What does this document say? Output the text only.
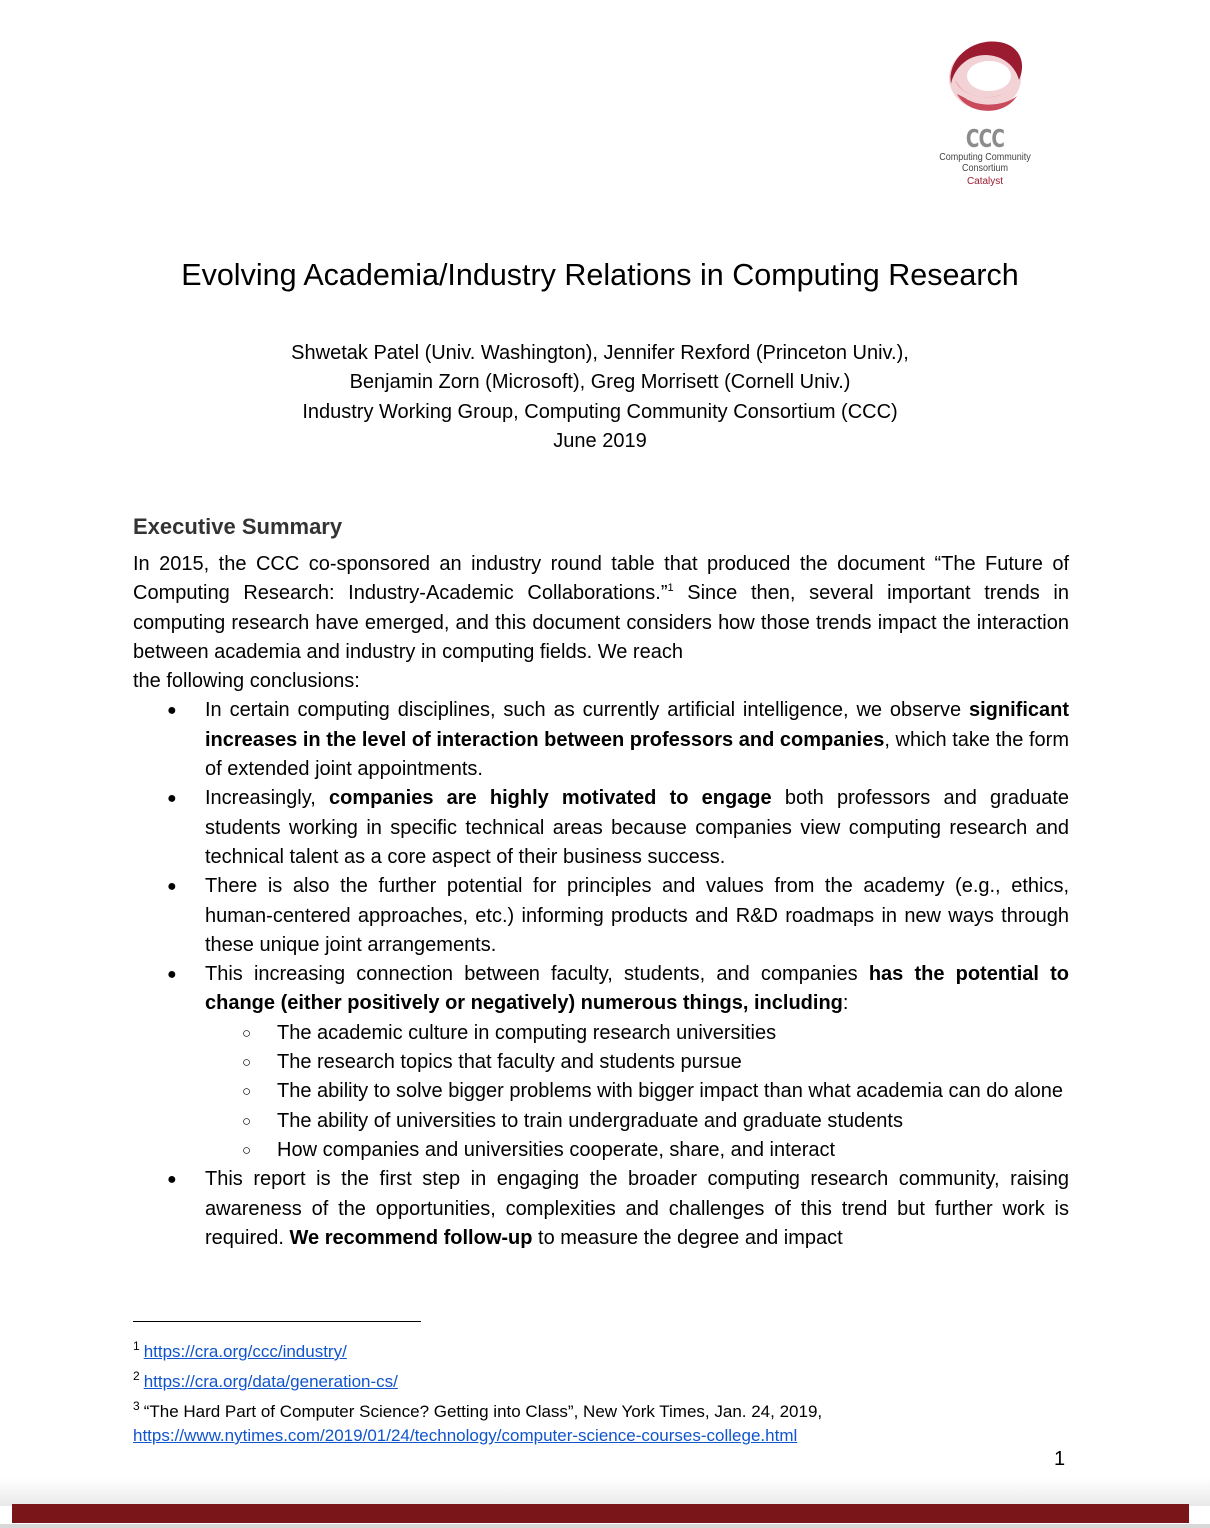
CCC
Computing Community
Consortium
Catalyst
Evolving Academia/Industry Relations in Computing Research
Shwetak Patel (Univ. Washington), Jennifer Rexford (Princeton Univ.),
Benjamin Zorn (Microsoft), Greg Morrisett (Cornell Univ.)
Industry Working Group, Computing Community Consortium (CCC)
June 2019
Executive Summary

In 2015, the CCC co-sponsored an industry round table that produced the document “The Future of Computing Research: Industry-Academic Collaborations.”$^1$ Since then, several important trends in computing research have emerged, and this document considers how those trends impact the interaction between academia and industry in computing fields. We reach
the following conclusions:

● In certain computing disciplines, such as currently artificial intelligence, we observe significant increases in the level of interaction between professors and companies, which take the form of extended joint appointments.
● Increasingly, companies are highly motivated to engage both professors and graduate students working in specific technical areas because companies view computing research and technical talent as a core aspect of their business success.
● There is also the further potential for principles and values from the academy (e.g., ethics, human-centered approaches, etc.) informing products and R&D roadmaps in new ways through these unique joint arrangements.
● This increasing connection between faculty, students, and companies has the potential to change (either positively or negatively) numerous things, including:
○ The academic culture in computing research universities
○ The research topics that faculty and students pursue
○ The ability to solve bigger problems with bigger impact than what academia can do alone
○ The ability of universities to train undergraduate and graduate students
○ How companies and universities cooperate, share, and interact
● This report is the first step in engaging the broader computing research community, raising awareness of the opportunities, complexities and challenges of this trend but further work is required. We recommend follow-up to measure the degree and impact
$^1$ https://cra.org/ccc/industry/
$^2$ https://cra.org/data/generation-cs/
$^3$ “The Hard Part of Computer Science? Getting into Class”, New York Times, Jan. 24, 2019,
https://www.nytimes.com/2019/01/24/technology/computer-science-courses-college.html
1
